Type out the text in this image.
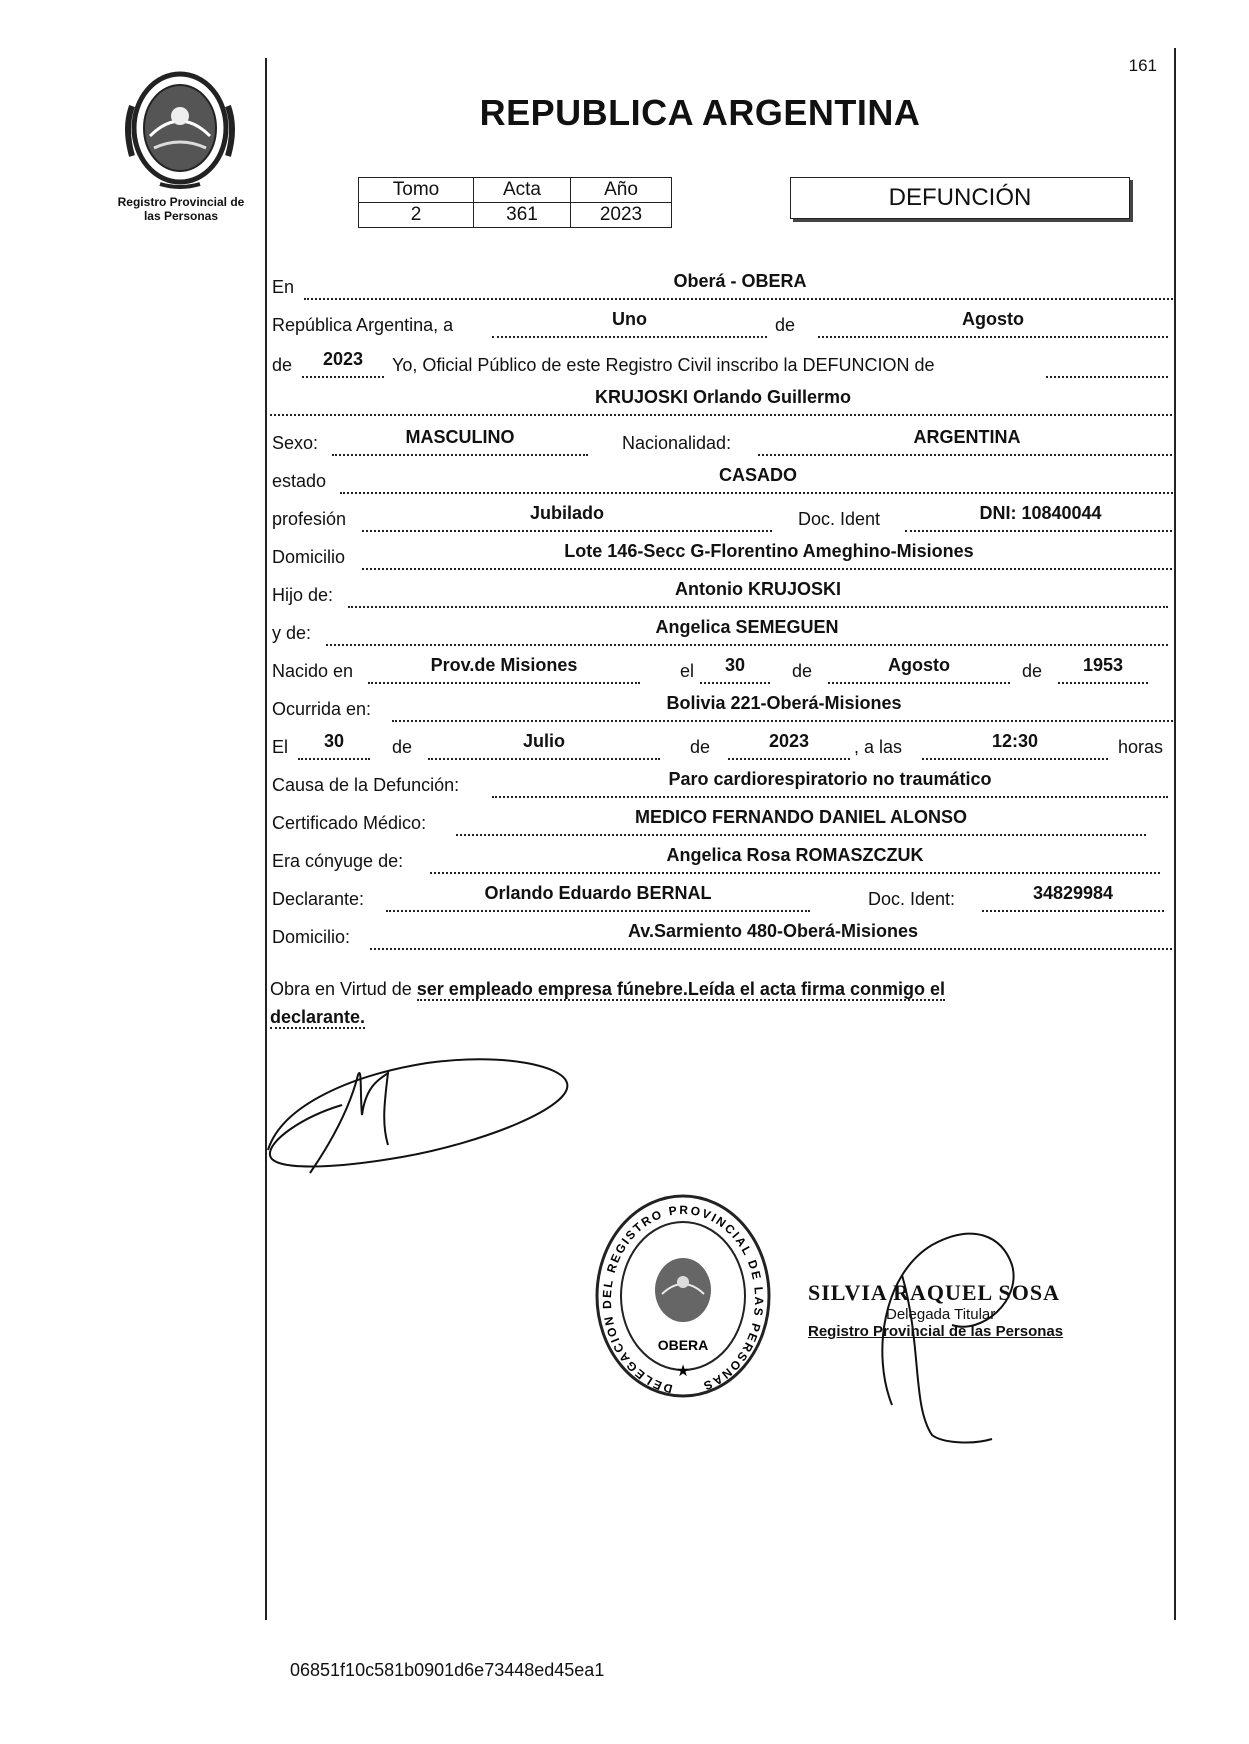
Registro Provincial de
las Personas
161
REPUBLICA ARGENTINA
Tomo	Acta	Año
2	361	2023
DEFUNCIÓN
En	Oberá - OBERA
República Argentina, a	Uno	de	Agosto
de	2023	Yo, Oficial Público de este Registro Civil inscribo la DEFUNCION de
KRUJOSKI Orlando Guillermo
Sexo:	MASCULINO	Nacionalidad:	ARGENTINA
estado	CASADO
profesión	Jubilado	Doc. Ident	DNI: 10840044
Domicilio	Lote 146-Secc G-Florentino Ameghino-Misiones
Hijo de:	Antonio KRUJOSKI
y de:	Angelica SEMEGUEN
Nacido en	Prov.de Misiones	el	30	de	Agosto	de	1953
Ocurrida en:	Bolivia 221-Oberá-Misiones
El	30	de	Julio	de	2023	, a las	12:30	horas
Causa de la Defunción:	Paro cardiorespiratorio no traumático
Certificado Médico:	MEDICO FERNANDO DANIEL ALONSO
Era cónyuge de:	Angelica Rosa ROMASZCZUK
Declarante:	Orlando Eduardo BERNAL	Doc. Ident:	34829984
Domicilio:	Av.Sarmiento 480-Oberá-Misiones
Obra en Virtud de ser empleado empresa fúnebre.Leída el acta firma conmigo el
declarante.
DELEGACION DEL REGISTRO PROVINCIAL DE LAS PERSONAS
OBERA
★
SILVIA RAQUEL SOSA
Delegada Titular
Registro Provincial de las Personas
06851f10c581b0901d6e73448ed45ea1
